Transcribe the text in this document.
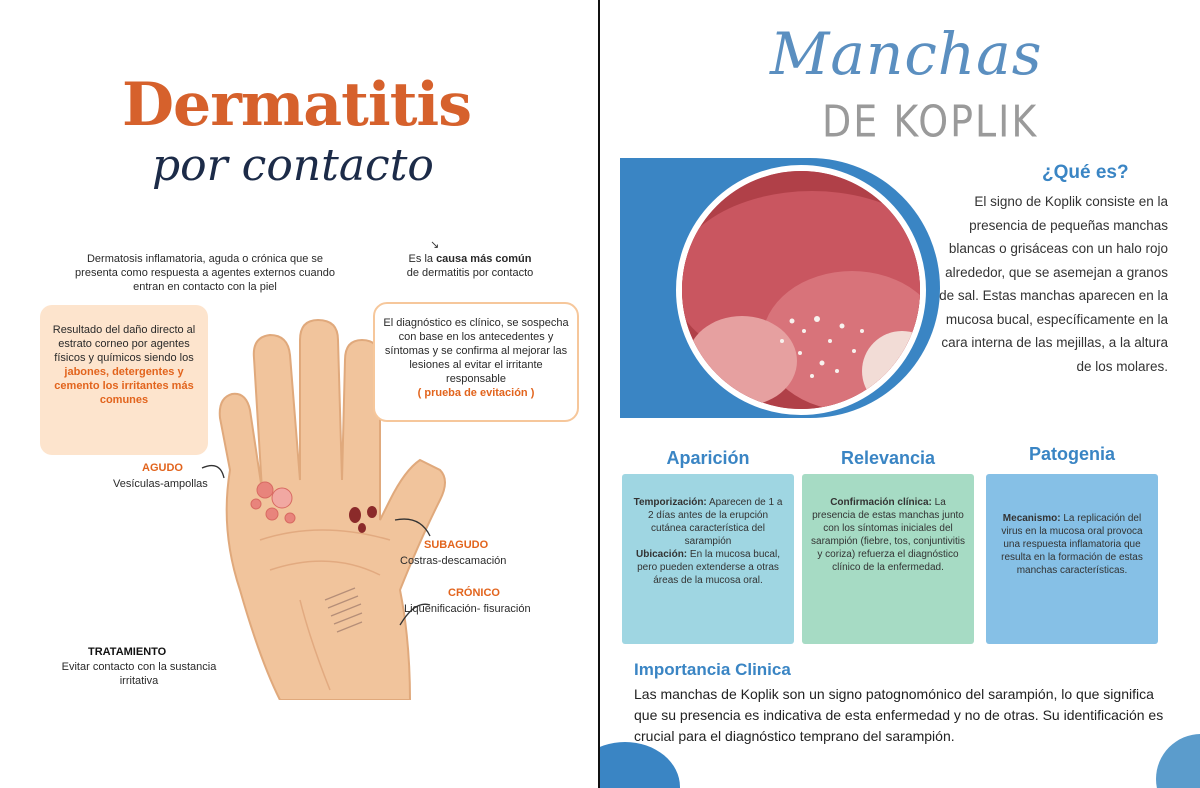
Dermatitis
por contacto
Dermatosis inflamatoria, aguda o crónica que se
presenta como respuesta a agentes externos cuando
entran en contacto con la piel
↘
Es la causa más común de dermatitis por contacto
Resultado del daño directo al estrato corneo por agentes físicos y químicos siendo los jabones, detergentes y cemento los irritantes más comunes
El diagnóstico es clínico, se sospecha con base en los antecedentes y síntomas y se confirma al mejorar las lesiones al evitar el irritante responsable
( prueba de evitación )
AGUDO
Vesículas-ampollas
SUBAGUDO
Costras-descamación
CRÓNICO
Liquenificación- fisuración
TRATAMIENTO
Evitar contacto con la sustancia irritativa
Manchas
DE KOPLIK
¿Qué es?
El signo de Koplik consiste en la
presencia de pequeñas manchas
blancas o grisáceas con un halo rojo
alrededor, que se asemejan a granos
de sal. Estas manchas aparecen en la
mucosa bucal, específicamente en la
cara interna de las mejillas, a la altura
de los molares.
Aparición	Relevancia	Patogenia
Temporización: Aparecen de 1 a 2 días antes de la erupción cutánea característica del sarampión
Ubicación: En la mucosa bucal, pero pueden extenderse a otras áreas de la mucosa oral.
Confirmación clínica: La presencia de estas manchas junto con los síntomas iniciales del sarampión (fiebre, tos, conjuntivitis y coriza) refuerza el diagnóstico clínico de la enfermedad.
Mecanismo: La replicación del virus en la mucosa oral provoca una respuesta inflamatoria que resulta en la formación de estas manchas características.
Importancia Clinica
Las manchas de Koplik son un signo patognomónico del sarampión, lo que significa que su presencia es indicativa de esta enfermedad y no de otras. Su identificación es crucial para el diagnóstico temprano del sarampión.
